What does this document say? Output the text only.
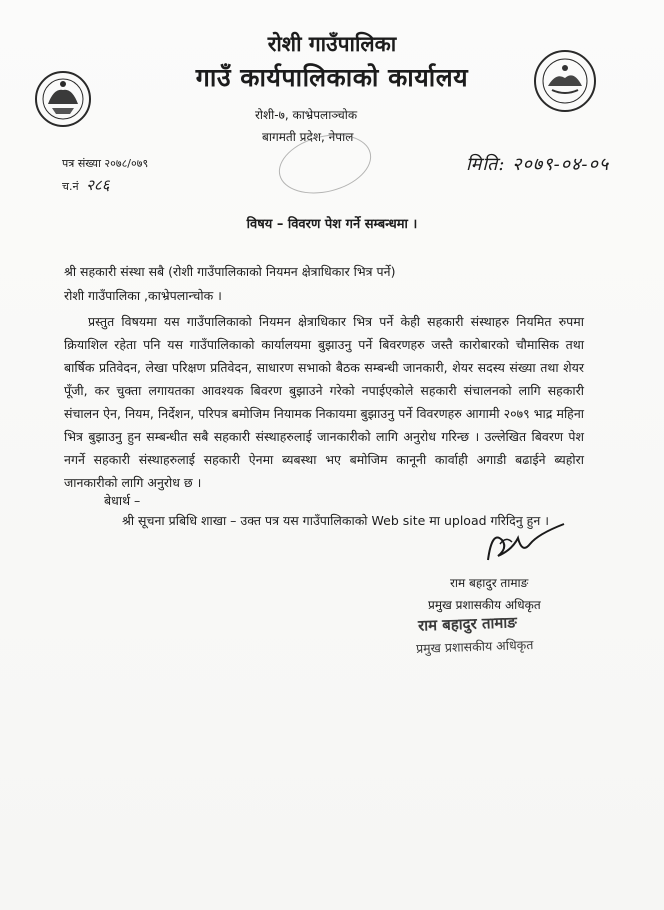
रोशी गाउँपालिका
गाउँ कार्यपालिकाको कार्यालय
रोशी-७, काभ्रेपलाञ्चोक
बागमती प्रदेश, नेपाल
पत्र संख्या २०७८/०७९
च.नं २८६
मिति: २०७९-०४-०५
विषय – विवरण पेश गर्ने सम्बन्धमा ।
श्री सहकारी संस्था सबै (रोशी गाउँपालिकाको नियमन क्षेत्राधिकार भित्र पर्ने)
रोशी गाउँपालिका ,काभ्रेपलान्चोक ।
प्रस्तुत विषयमा यस गाउँपालिकाको नियमन क्षेत्राधिकार भित्र पर्ने केही सहकारी संस्थाहरु नियमित रुपमा क्रियाशिल रहेता पनि यस गाउँपालिकाको कार्यालयमा बुझाउनु पर्ने बिवरणहरु जस्तै कारोबारको चौमासिक तथा बार्षिक प्रतिवेदन, लेखा परिक्षण प्रतिवेदन, साधारण सभाको बैठक सम्बन्धी जानकारी, शेयर सदस्य संख्या तथा शेयर पूँजी, कर चुक्ता लगायतका आवश्यक बिवरण बुझाउने गरेको नपाईएकोले सहकारी संचालनको लागि सहकारी संचालन ऐन, नियम, निर्देशन, परिपत्र बमोजिम नियामक निकायमा बुझाउनु पर्ने विवरणहरु आगामी २०७९ भाद्र महिना भित्र बुझाउनु हुन सम्बन्धीत सबै सहकारी संस्थाहरुलाई जानकारीको लागि अनुरोध गरिन्छ । उल्लेखित बिवरण पेश नगर्ने सहकारी संस्थाहरुलाई सहकारी ऐनमा ब्यबस्था भए बमोजिम कानूनी कार्वाही अगाडी बढाईने ब्यहोरा जानकारीको लागि अनुरोध छ ।
बेधार्थ –
श्री सूचना प्रबिधि शाखा – उक्त पत्र यस गाउँपालिकाको Web site मा upload गरिदिनु हुन ।
राम बहादुर तामाङ
प्रमुख प्रशासकीय अधिकृत
राम बहादुर तामाङ
प्रमुख प्रशासकीय अधिकृत
